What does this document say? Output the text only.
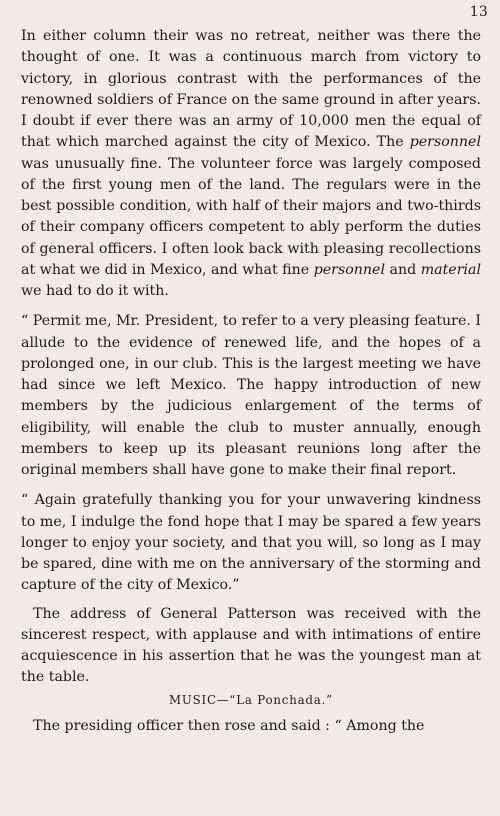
13

In either column their was no retreat, neither was there the thought of one. It was a continuous march from victory to victory, in glorious contrast with the performances of the renowned soldiers of France on the same ground in after years. I doubt if ever there was an army of 10,000 men the equal of that which marched against the city of Mexico. The personnel was unusually fine. The volunteer force was largely composed of the first young men of the land. The regulars were in the best possible condition, with half of their majors and two-thirds of their company officers competent to ably perform the duties of general officers. I often look back with pleasing recollections at what we did in Mexico, and what fine personnel and material we had to do it with.

“ Permit me, Mr. President, to refer to a very pleasing feature. I allude to the evidence of renewed life, and the hopes of a prolonged one, in our club. This is the largest meeting we have had since we left Mexico. The happy introduction of new members by the judicious enlargement of the terms of eligibility, will enable the club to muster annually, enough members to keep up its pleasant reunions long after the original members shall have gone to make their final report.

“ Again gratefully thanking you for your unwavering kindness to me, I indulge the fond hope that I may be spared a few years longer to enjoy your society, and that you will, so long as I may be spared, dine with me on the anniversary of the storming and capture of the city of Mexico.”

The address of General Patterson was received with the sincerest respect, with applause and with intimations of entire acquiescence in his assertion that he was the youngest man at the table.

MUSIC—“La Ponchada.”

The presiding officer then rose and said : “ Among the
